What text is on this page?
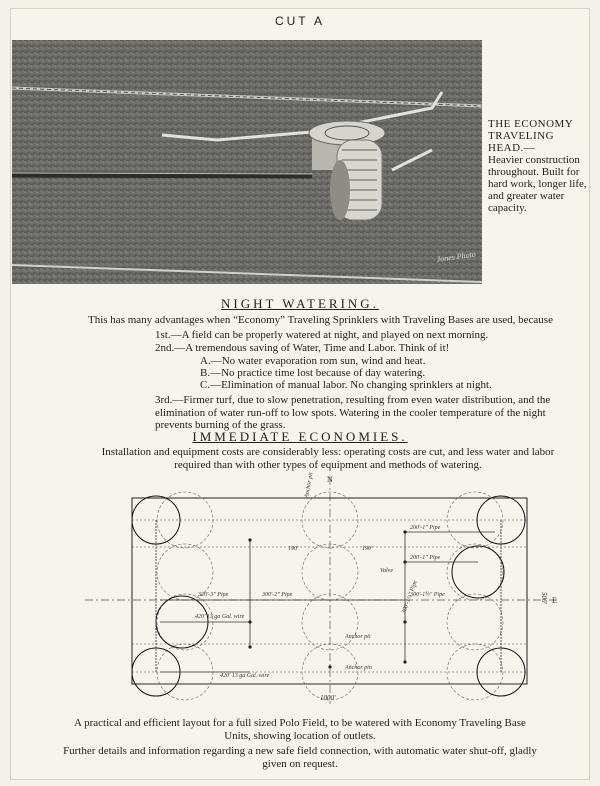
CUT A
Jones Photo
THE ECONOMY TRAVELING HEAD.—
Heavier construction throughout. Built for hard work, longer life, and greater water capacity.
NIGHT WATERING.
This has many advantages when “Economy” Traveling Sprinklers with Traveling Bases are used, because
1st.—A field can be properly watered at night, and played on next morning.
2nd.—A tremendous saving of Water, Time and Labor. Think of it!
A.—No water evaporation rom sun, wind and heat.
B.—No practice time lost because of day watering.
C.—Elimination of manual labor. No changing sprinklers at night.
3rd.—Firmer turf, due to slow penetration, resulting from even water distribution, and the elimination of water run-off to low spots. Watering in the cooler temperature of the night prevents burning of the grass.
IMMEDIATE ECONOMIES.
Installation and equipment costs are considerably less: operating costs are cut, and less water and labor required than with other types of equipment and methods of watering.
N
E
190'	190'
200'-1" Pipe
200'-1" Pipe
320'-3" Pipe	300'-2" Pipe	300'-1½" Pipe
Anchor pit
Anchor pin
420' 13 ga Gal. wire
420' 13 ga Gal. wire
Anchor pit
Valve
1000'
500'
300'-1½" Pipe
A practical and efficient layout for a full sized Polo Field, to be watered with Economy Traveling Base Units, showing location of outlets.
Further details and information regarding a new safe field connection, with automatic water shut-off, gladly given on request.
